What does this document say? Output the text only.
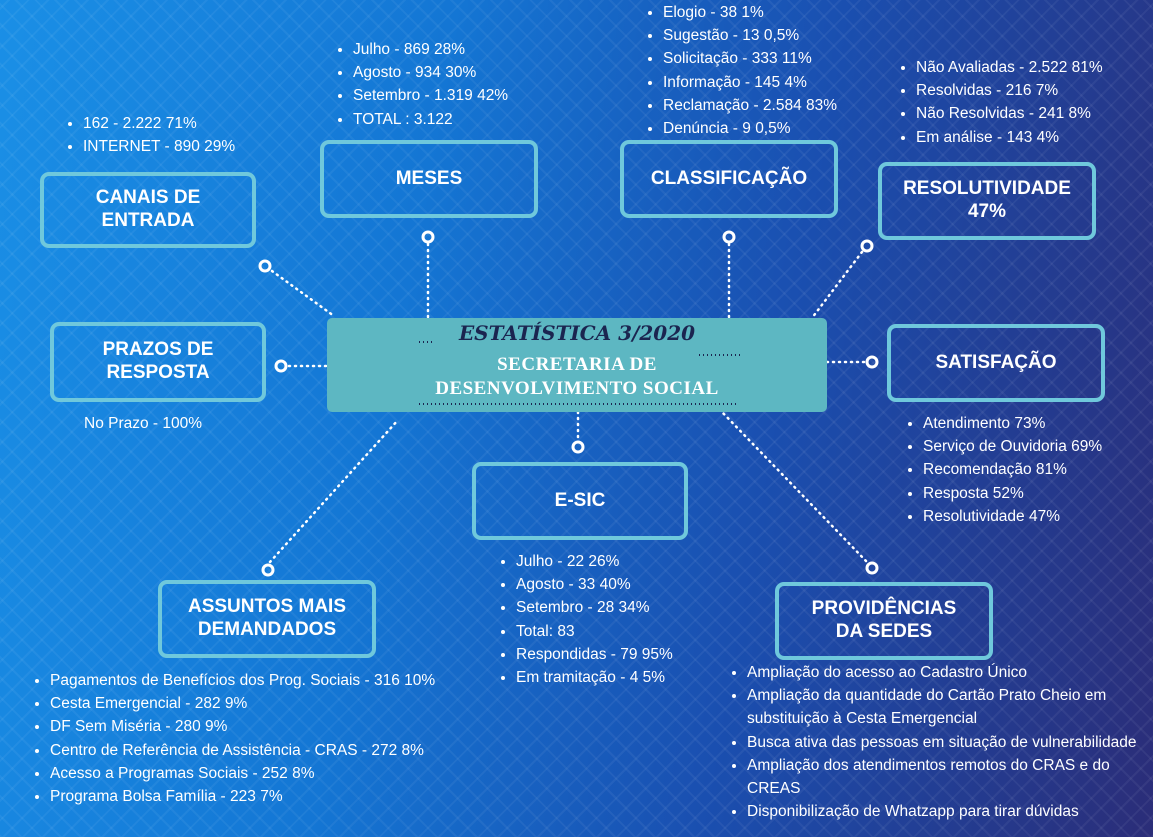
ESTATÍSTICA 3/2020
SECRETARIA DE
DESENVOLVIMENTO SOCIAL
• 162 - 2.222 71%
• INTERNET - 890 29%
CANAIS DE
ENTRADA
• Julho - 869 28%
• Agosto - 934 30%
• Setembro - 1.319 42%
• TOTAL : 3.122
MESES
• Elogio - 38 1%
• Sugestão - 13 0,5%
• Solicitação - 333 11%
• Informação - 145 4%
• Reclamação - 2.584 83%
• Denúncia - 9 0,5%
CLASSIFICAÇÃO
• Não Avaliadas - 2.522 81%
• Resolvidas - 216 7%
• Não Resolvidas - 241 8%
• Em análise - 143 4%
RESOLUTIVIDADE
47%
PRAZOS DE
RESPOSTA
No Prazo - 100%
SATISFAÇÃO
• Atendimento 73%
• Serviço de Ouvidoria 69%
• Recomendação 81%
• Resposta 52%
• Resolutividade 47%
E-SIC
• Julho - 22 26%
• Agosto - 33 40%
• Setembro - 28 34%
• Total: 83
• Respondidas - 79 95%
• Em tramitação - 4 5%
ASSUNTOS MAIS
DEMANDADOS
• Pagamentos de Benefícios dos Prog. Sociais - 316 10%
• Cesta Emergencial - 282 9%
• DF Sem Miséria - 280 9%
• Centro de Referência de Assistência - CRAS - 272 8%
• Acesso a Programas Sociais - 252 8%
• Programa Bolsa Família - 223 7%
PROVIDÊNCIAS
DA SEDES
• Ampliação do acesso ao Cadastro Único
• Ampliação da quantidade do Cartão Prato Cheio em substituição à Cesta Emergencial
• Busca ativa das pessoas em situação de vulnerabilidade
• Ampliação dos atendimentos remotos do CRAS e do CREAS
• Disponibilização de Whatzapp para tirar dúvidas
